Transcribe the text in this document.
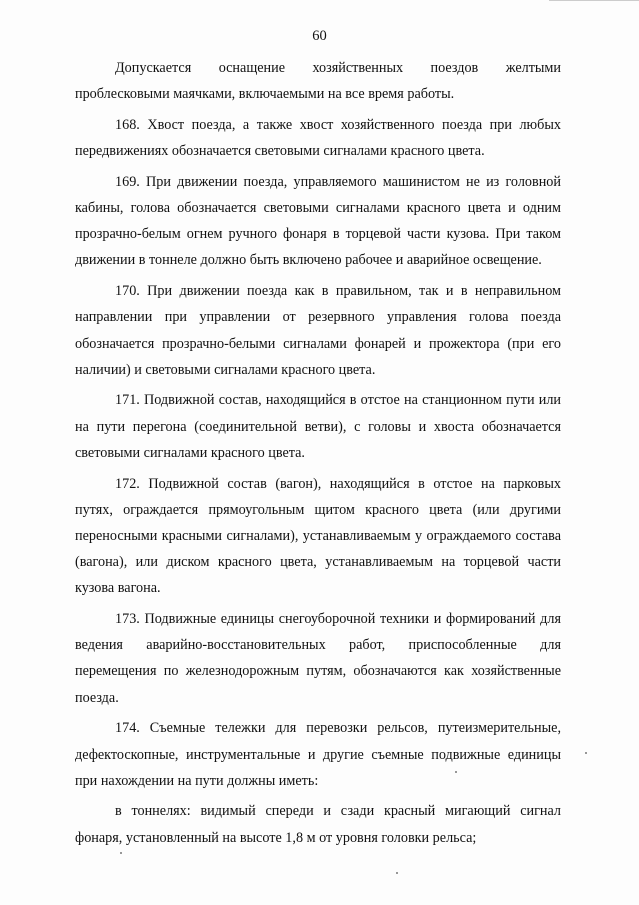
60

Допускается оснащение хозяйственных поездов желтыми проблесковыми маячками, включаемыми на все время работы.

168. Хвост поезда, а также хвост хозяйственного поезда при любых передвижениях обозначается световыми сигналами красного цвета.

169. При движении поезда, управляемого машинистом не из головной кабины, голова обозначается световыми сигналами красного цвета и одним прозрачно-белым огнем ручного фонаря в торцевой части кузова. При таком движении в тоннеле должно быть включено рабочее и аварийное освещение.

170. При движении поезда как в правильном, так и в неправильном направлении при управлении от резервного управления голова поезда обозначается прозрачно-белыми сигналами фонарей и прожектора (при его наличии) и световыми сигналами красного цвета.

171. Подвижной состав, находящийся в отстое на станционном пути или на пути перегона (соединительной ветви), с головы и хвоста обозначается световыми сигналами красного цвета.

172. Подвижной состав (вагон), находящийся в отстое на парковых путях, ограждается прямоугольным щитом красного цвета (или другими переносными красными сигналами), устанавливаемым у ограждаемого состава (вагона), или диском красного цвета, устанавливаемым на торцевой части кузова вагона.

173. Подвижные единицы снегоуборочной техники и формирований для ведения аварийно-восстановительных работ, приспособленные для перемещения по железнодорожным путям, обозначаются как хозяйственные поезда.

174. Съемные тележки для перевозки рельсов, путеизмерительные, дефектоскопные, инструментальные и другие съемные подвижные единицы при нахождении на пути должны иметь:

в тоннелях: видимый спереди и сзади красный мигающий сигнал фонаря, установленный на высоте 1,8 м от уровня головки рельса;
